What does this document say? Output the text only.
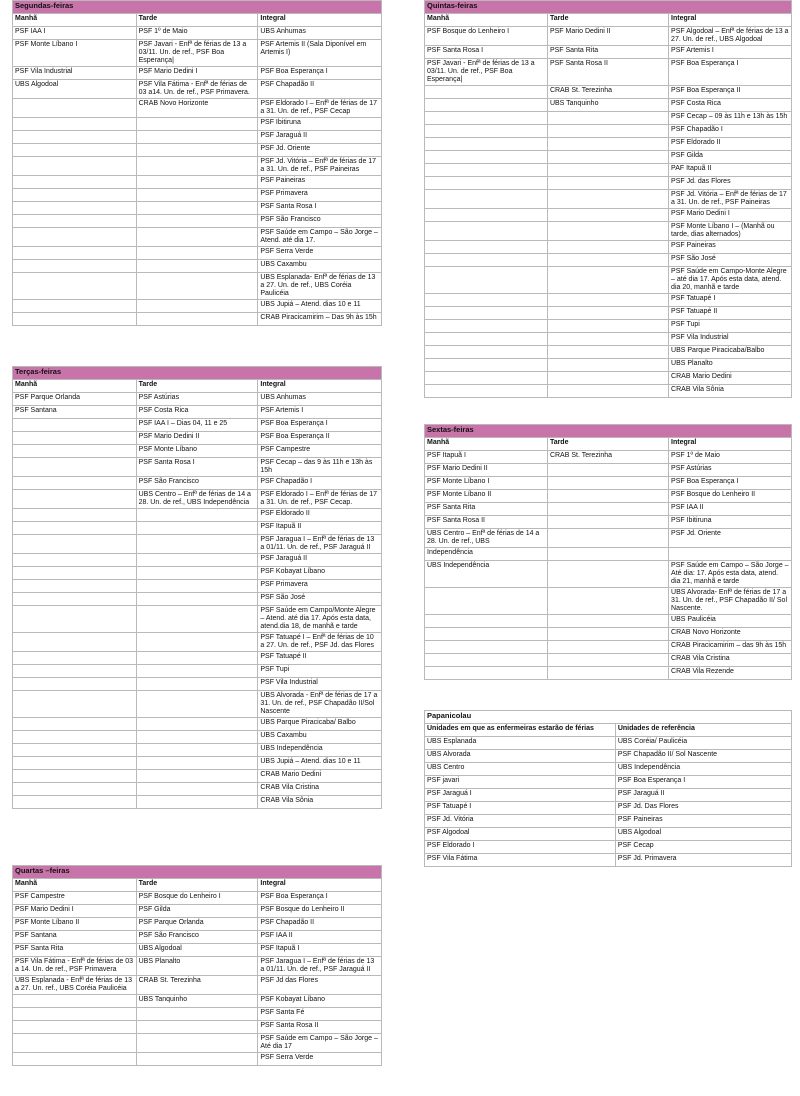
Segundas-feiras		
Manhã	Tarde	Integral
PSF IAA I	PSF 1º de Maio	UBS Anhumas
PSF Monte Líbano I	PSF Javari - Enfª de férias de 13 a 03/11. Un. de ref., PSF Boa Esperança|	PSF Artemis II (Sala Diponível em Artemis I)
PSF Vila Industrial	PSF Mario Dedini I	PSF Boa Esperança I
UBS Algodoal	PSF Vila Fátima - Enfª de férias de 03 a14. Un. de ref., PSF Primavera.	PSF Chapadão II
	CRAB Novo Horizonte	PSF Eldorado I – Enfª de férias de 17 a 31. Un. de ref., PSF Cecap
		PSF Ibitiruna
		PSF Jaraguá II
		PSF Jd. Oriente
		PSF Jd. Vitória – Enfª de férias de 17 a 31. Un. de ref., PSF Paineiras
		PSF Paineiras
		PSF Primavera
		PSF Santa Rosa I
		PSF São Francisco
		PSF Saúde em Campo – São Jorge – Atend. até dia 17.
		PSF Serra Verde
		UBS Caxambu
		UBS Esplanada- Enfª de férias de 13 a 27. Un. de ref., UBS Coréia Paulicéia
		UBS Jupiá – Atend. dias 10 e 11
		CRAB Piracicamirim – Das 9h às 15h
Terças-feiras		
Manhã	Tarde	Integral
PSF Parque Orlanda	PSF Astúrias	UBS Anhumas
PSF Santana	PSF Costa Rica	PSF Artemis I
	PSF IAA I – Dias 04, 11 e 25	PSF Boa Esperança I
	PSF Mario Dedini II	PSF Boa Esperança II
	PSF Monte Líbano	PSF Campestre
	PSF Santa Rosa I	PSF Cecap – das 9 às 11h e 13h às 15h
	PSF São Francisco	PSF Chapadão I
	UBS Centro – Enfª de férias de 14 a 28. Un. de ref., UBS Independência	PSF Eldorado I – Enfª de férias de 17 a 31. Un. de ref., PSF Cecap.
		PSF Eldorado II
		PSF Itapuã II
		PSF Jaragua I – Enfª de férias de 13 a 01/11. Un. de ref., PSF Jaraguá II
		PSF Jaraguá II
		PSF Kobayat Líbano
		PSF Primavera
		PSF São José
		PSF Saúde em Campo/Monte Alegre – Atend. até dia 17. Após esta data, atend.dia 18, de manhã e tarde
		PSF Tatuapé I – Enfª de férias de 10 a 27. Un. de ref., PSF Jd. das Flores
		PSF Tatuapé II
		PSF Tupi
		PSF Vila Industrial
		UBS Alvorada - Enfª de férias de 17 a 31. Un. de ref., PSF Chapadão II/Sol Nascente
		UBS Parque Piracicaba/ Balbo
		UBS Caxambu
		UBS Independência
		UBS Jupiá – Atend. dias 10 e 11
		CRAB Mario Dedini
		CRAB Vila Cristina
		CRAB Vila Sônia
Quartas –feiras		
Manhã	Tarde	Integral
PSF Campestre	PSF Bosque do Lenheiro I	PSF Boa Esperança I
PSF Mario Dedini I	PSF Gilda	PSF Bosque do Lenheiro II
PSF Monte Líbano II	PSF Parque Orlanda	PSF Chapadão II
PSF Santana	PSF São Francisco	PSF IAA II
PSF Santa Rita	UBS Algodoal	PSF Itapuã I
PSF Vila Fátima - Enfª de férias de 03 a 14. Un. de ref., PSF Primavera	UBS Planalto	PSF Jaragua I – Enfª de férias de 13 a 01/11. Un. de ref., PSF Jaraguá II
UBS Esplanada - Enfª de férias de 13 a 27. Un. ref., UBS Coréia Paulicéia	CRAB St. Terezinha	PSF Jd das Flores
	UBS Tanquinho	PSF Kobayat Líbano
		PSF Santa Fé
		PSF Santa Rosa II
		PSF Saúde em Campo – São Jorge – Até dia 17
		PSF Serra Verde
Quintas-feiras		
Manhã	Tarde	Integral
PSF Bosque do Lenheiro I	PSF Mario Dedini II	PSF Algodoal – Enfª de férias de 13 a 27. Un. de ref., UBS Algodoal
PSF Santa Rosa I	PSF Santa Rita	PSF Artemis I
PSF Javari - Enfª de férias de 13 a 03/11. Un. de ref., PSF Boa Esperança|	PSF Santa Rosa II	PSF Boa Esperança I
	CRAB St. Terezinha	PSF Boa Esperança II
	UBS Tanquinho	PSF Costa Rica
		PSF Cecap – 09 às 11h e 13h às 15h
		PSF Chapadão I
		PSF Eldorado II
		PSF Gilda
		PAF Itapuã II
		PSF Jd. das Flores
		PSF Jd. Vitória – Enfª de férias de 17 a 31. Un. de ref., PSF Paineiras
		PSF Mario Dedini I
		PSF Monte Líbano I – (Manhã ou tarde, dias alternados)
		PSF Paineiras
		PSF São José
		PSF Saúde em Campo-Monte Alegre – até dia 17. Após esta data, atend. dia 20, manhã e tarde
		PSF Tatuapé I
		PSF Tatuapé II
		PSF Tupi
		PSF Vila Industrial
		UBS Parque Piracicaba/Balbo
		UBS Planalto
		CRAB Mario Dedini
		CRAB Vila Sônia
Sextas-feiras		
Manhã	Tarde	Integral
PSF Itapuã I	CRAB St. Terezinha	PSF 1º de Maio
PSF Mario Dedini II		PSF Astúrias
PSF Monte Líbano I		PSF Boa Esperança I
PSF Monte Líbano II		PSF Bosque do Lenheiro II
PSF Santa Rita		PSF IAA II
PSF Santa Rosa II		PSF Ibitiruna
UBS Centro – Enfª de férias de 14 a 28. Un. de ref., UBS		PSF Jd. Oriente
Independência		
UBS Independência		PSF Saúde em Campo – São Jorge – Até dia: 17. Após esta data, atend. dia 21, manhã e tarde
		UBS Alvorada- Enfª de férias de 17 a 31. Un. de ref., PSF Chapadão II/ Sol Nascente.
		UBS Paulicéia
		CRAB Novo Horizonte
		CRAB Piracicamirim – das 9h às 15h
		CRAB Vila Cristina
		CRAB Vila Rezende
Papanicolau	
Unidades em que as enfermeiras estarão de férias	Unidades de referência
UBS Esplanada	UBS Coréia/ Paulicéia
UBS Alvorada	PSF Chapadão II/ Sol Nascente
UBS Centro	UBS Independência
PSF javari	PSF Boa Esperança I
PSF Jaraguá I	PSF Jaraguá II
PSF Tatuapé I	PSF Jd. Das Flores
PSF Jd. Vitória	PSF Paineiras
PSF Algodoal	UBS Algodoal
PSF Eldorado I	PSF Cecap
PSF Vila Fátima	PSF Jd. Primavera
